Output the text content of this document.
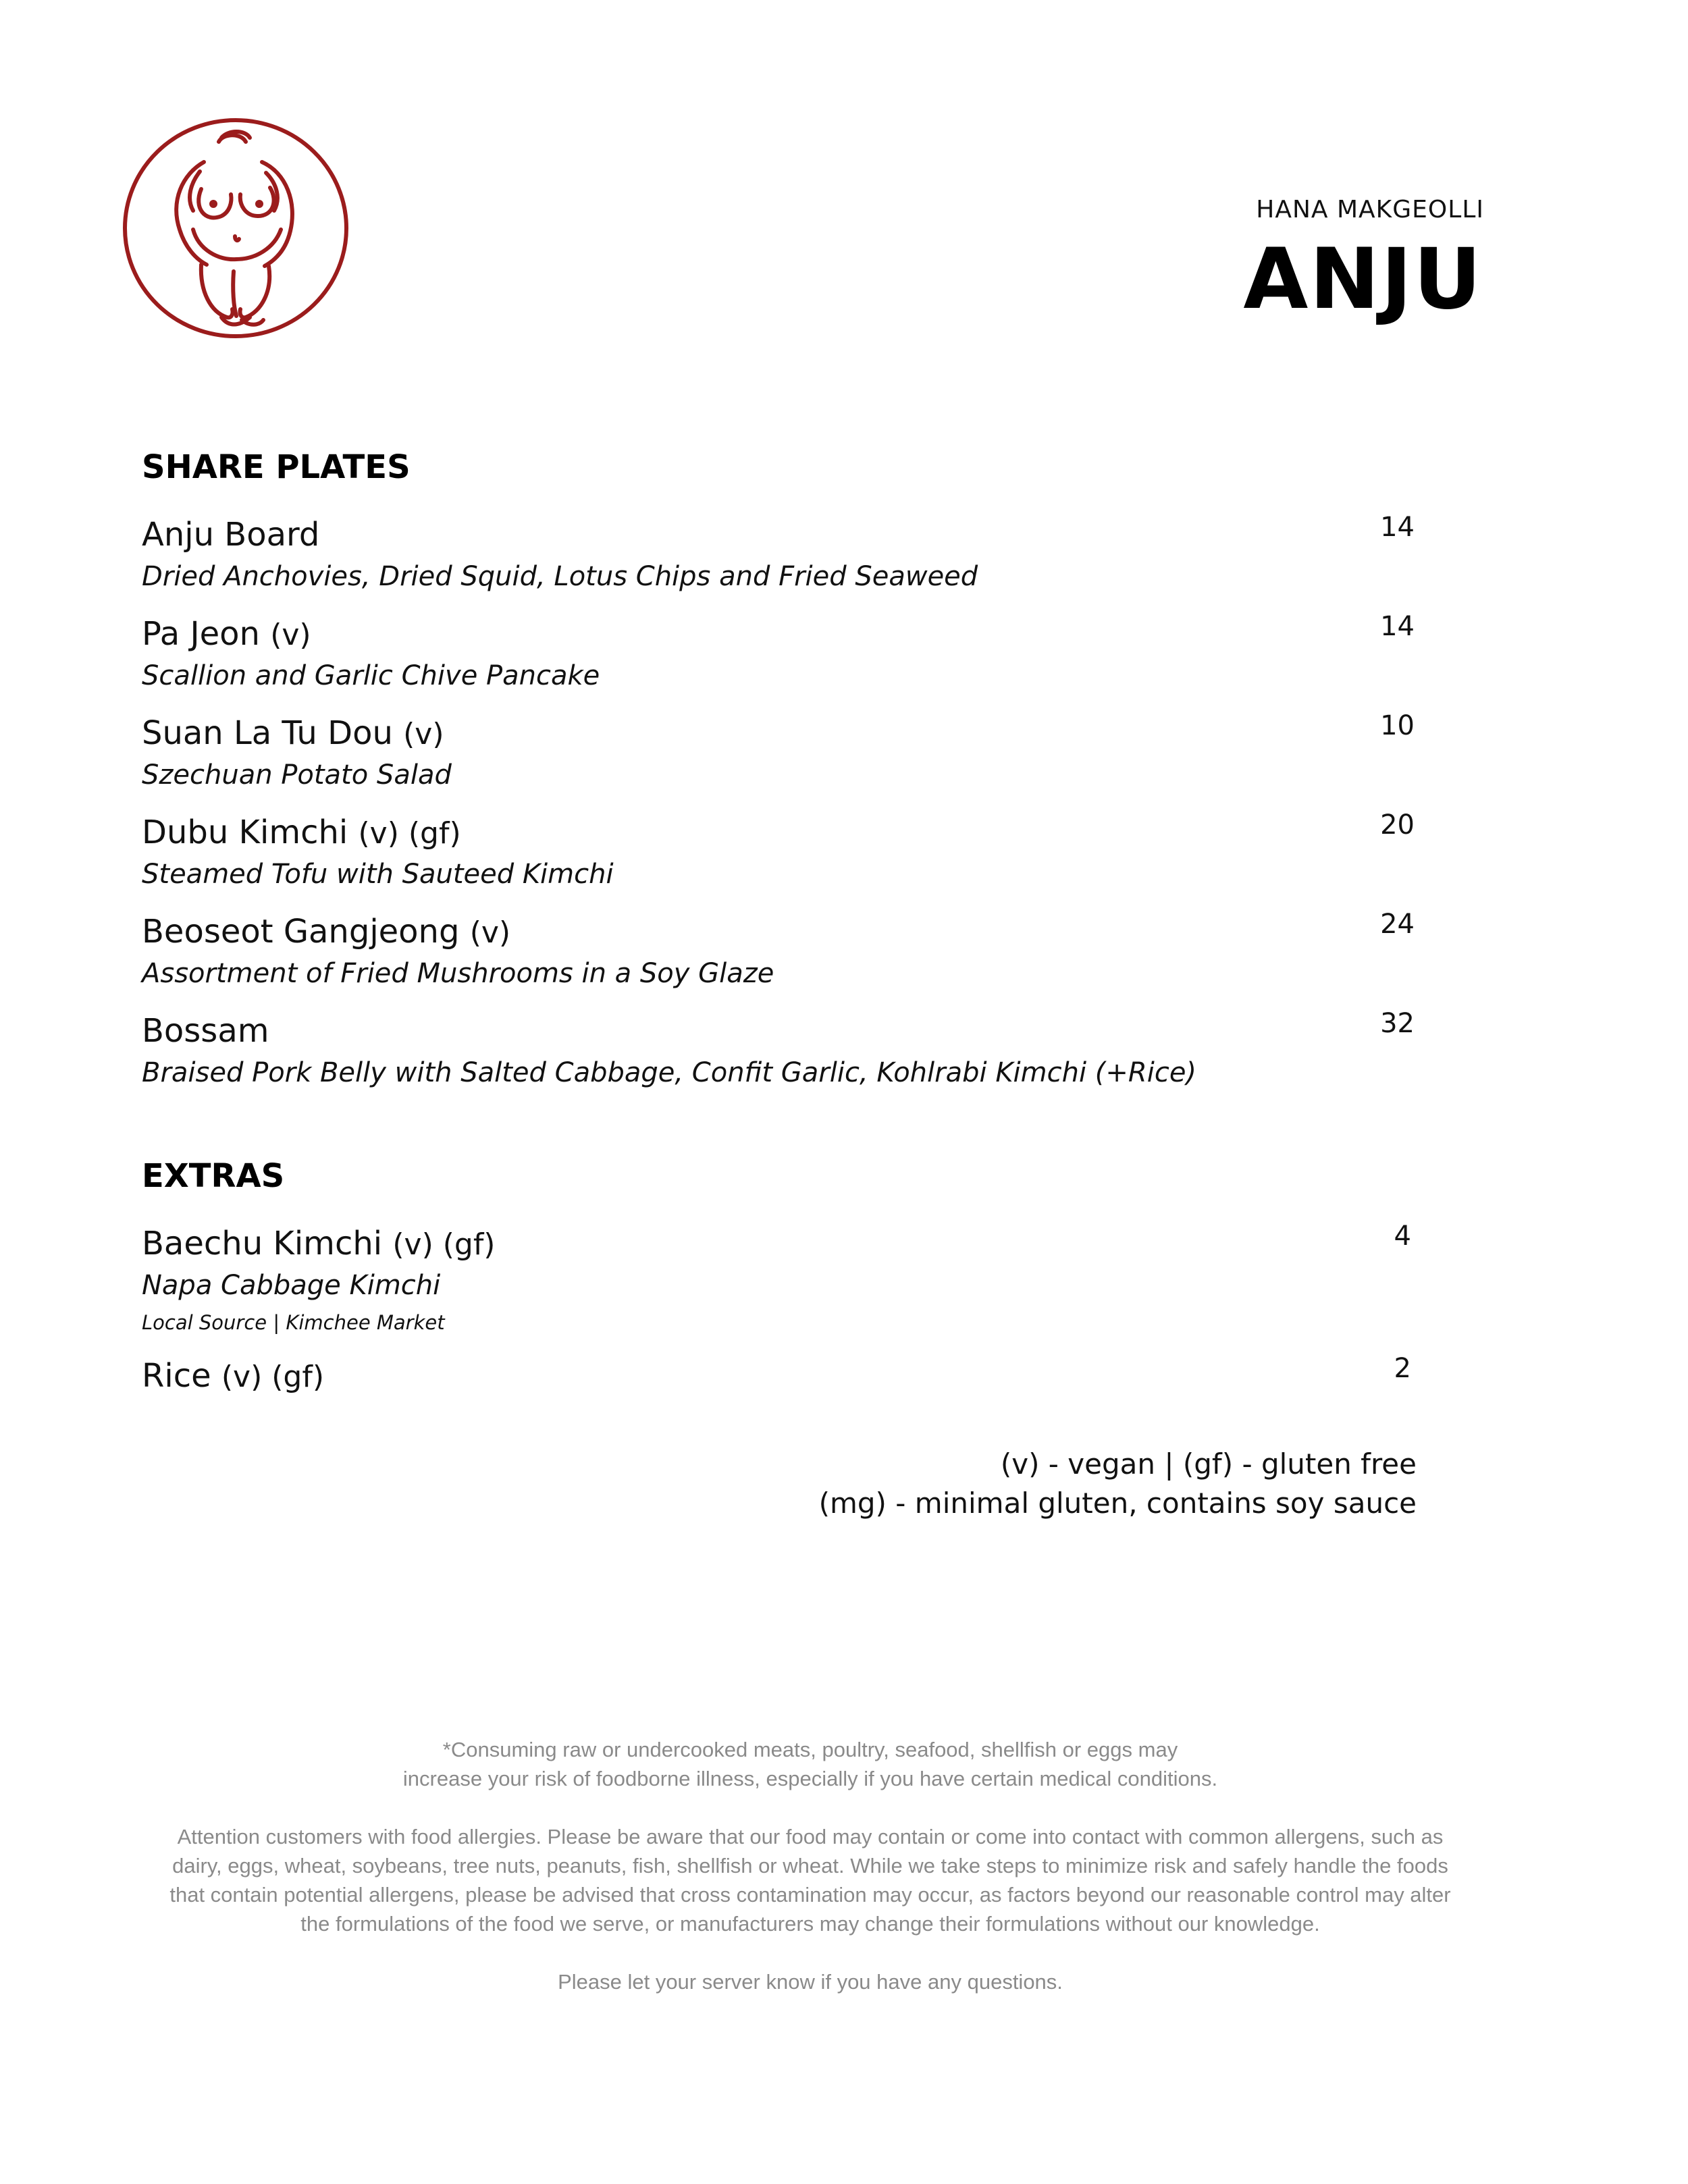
HANA MAKGEOLLI
ANJU
SHARE PLATES
Anju Board
Dried Anchovies, Dried Squid, Lotus Chips and Fried Seaweed
14
Pa Jeon (v)
Scallion and Garlic Chive Pancake
14
Suan La Tu Dou (v)
Szechuan Potato Salad
10
Dubu Kimchi (v) (gf)
Steamed Tofu with Sauteed Kimchi
20
Beoseot Gangjeong (v)
Assortment of Fried Mushrooms in a Soy Glaze
24
Bossam
Braised Pork Belly with Salted Cabbage, Confit Garlic, Kohlrabi Kimchi (+Rice)
32
EXTRAS
Baechu Kimchi (v) (gf)
Napa Cabbage Kimchi
Local Source | Kimchee Market
4
Rice (v) (gf)	2
(v) - vegan | (gf) - gluten free
(mg) - minimal gluten, contains soy sauce

*Consuming raw or undercooked meats, poultry, seafood, shellfish or eggs may
increase your risk of foodborne illness, especially if you have certain medical conditions.

Attention customers with food allergies. Please be aware that our food may contain or come into contact with common allergens, such as
dairy, eggs, wheat, soybeans, tree nuts, peanuts, fish, shellfish or wheat. While we take steps to minimize risk and safely handle the foods
that contain potential allergens, please be advised that cross contamination may occur, as factors beyond our reasonable control may alter
the formulations of the food we serve, or manufacturers may change their formulations without our knowledge.

Please let your server know if you have any questions.
